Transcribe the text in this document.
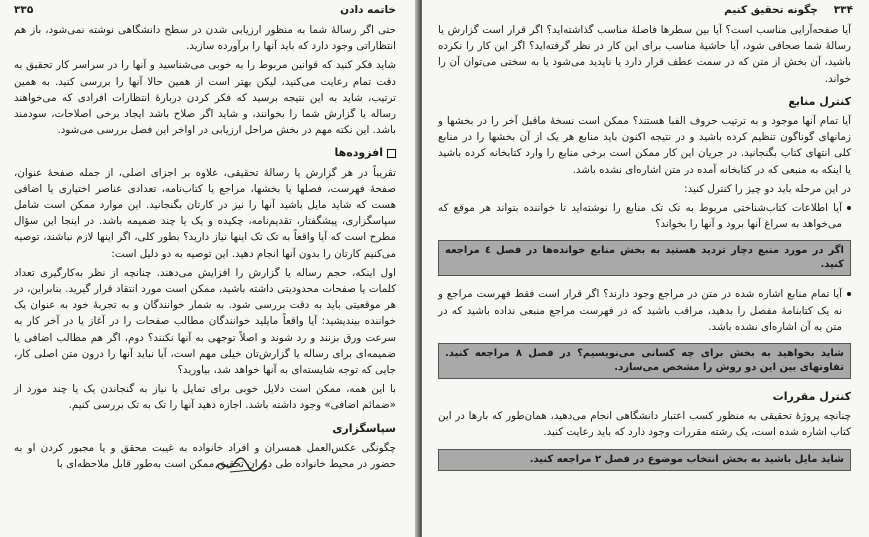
۳۳۵	خاتمه دادن

حتی اگر رسالهٔ شما به منظور ارزیابی شدن در سطح دانشگاهی نوشته نمی‌شود، باز هم انتظاراتی وجود دارد که باید آنها را برآورده سازید.

شاید فکر کنید که قوانین مربوط را به خوبی می‌شناسید و آنها را در سراسر کار تحقیق به دقت تمام رعایت می‌کنید، لیکن بهتر است از همین حالا آنها را بررسی کنید. به همین ترتیب، شاید به این نتیجه برسید که فکر کردن دربارهٔ انتظارات افرادی که می‌خواهند رساله یا گزارش شما را بخوانند، و شاید اگر صلاح باشد ایجاد برخی اصلاحات، سودمند باشد. این نکته مهم در بخش مراحل ارزیابی در اواخر این فصل بررسی می‌شود.

افزوده‌ها

تقریباً در هر گزارش یا رسالهٔ تحقیقی، علاوه بر اجزای اصلی، از جمله صفحهٔ عنوان، صفحهٔ فهرست، فصلها یا بخشها، مراجع یا کتاب‌نامه، تعدادی عناصر اختیاری یا اضافی هست که شاید مایل باشید آنها را نیز در کارتان بگنجانید. این موارد ممکن است شامل سپاسگزاری، پیشگفتار، تقدیم‌نامه، چکیده و یک یا چند ضمیمه باشد. در اینجا این سؤال مطرح است که آیا واقعاً به تک تک اینها نیاز دارید؟ بطور کلی، اگر اینها لازم نباشند، توصیه می‌کنیم کارتان را بدون آنها انجام دهید. این توصیه به دو دلیل است:

اول اینکه، حجم رساله یا گزارش را افزایش می‌دهند. چنانچه از نظر به‌کارگیری تعداد کلمات یا صفحات محدودیتی داشته باشید، ممکن است مورد انتقاد قرار گیرید. بنابراین، در هر موقعیتی باید به دقت بررسی شود. به شمار خوانندگان و به تجربهٔ خود به عنوان یک خواننده بیندیشید: آیا واقعاً مایلید خوانندگان مطالب صفحات را در آغاز یا در آخر کار به سرعت ورق بزنند و رد شوند و اصلاً توجهی به آنها نکنند؟ دوم، اگر هم مطالب اضافی یا ضمیمه‌ای برای رساله یا گزارش‌تان خیلی مهم است، آیا نباید آنها را درون متن اصلی کار، جایی که توجه شایسته‌ای به آنها خواهد شد، بیاورید؟

با این همه، ممکن است دلایل خوبی برای تمایل یا نیاز به گنجاندن یک یا چند مورد از «ضمائم اضافی» وجود داشته باشد. اجازه دهید آنها را تک به تک بررسی کنیم.

سپاسگزاری

چگونگی عکس‌العمل همسران و افراد خانواده به غیبت محقق و یا مجبور کردن او به حضور در محیط خانواده طی دوران تحقیق ممکن است به‌طور قابل ملاحظه‌ای با

۳۳۴
چگونه تحقیق کنیم

آیا صفحه‌آرایی مناسب است؟ آیا بین سطرها فاصلهٔ مناسب گذاشته‌اید؟ اگر قرار است گزارش یا رسالهٔ شما صحافی شود، آیا حاشیهٔ مناسب برای این کار در نظر گرفته‌اید؟ اگر این کار را نکرده باشید، آن بخش از متن که در سمت عطف قرار دارد یا ناپدید می‌شود یا به سختی می‌توان آن را خواند.

کنترل منابع

آیا تمام آنها موجود و به ترتیب حروف الفبا هستند؟ ممکن است نسخهٔ ماقبل آخر را در بخشها و زمانهای گوناگون تنظیم کرده باشید و در نتیجه اکنون باید منابع هر یک از آن بخشها را در منابع کلی انتهای کتاب بگنجانید. در جریان این کار ممکن است برخی منابع را وارد کتابخانه کرده باشید یا اینکه به منبعی که در کتابخانه آمده در متن اشاره‌ای نشده باشد.

در این مرحله باید دو چیز را کنترل کنید:

آیا اطلاعات کتاب‌شناختی مربوط به تک تک منابع را نوشته‌اید تا خواننده بتواند هر موقع که می‌خواهد به سراغ آنها برود و آنها را بخواند؟
اگر در مورد منبع دچار تردید هستید به بخش منابع خوانده‌ها در فصل ٤ مراجعه کنید.
آیا تمام منابع اشاره شده در متن در مراجع وجود دارند؟ اگر قرار است فقط فهرست مراجع و نه یک کتابنامهٔ مفصل را بدهید، مراقب باشید که در فهرست مراجع منبعی نداده باشید که در متن به آن اشاره‌ای نشده باشد.
شاید بخواهید به بخش برای چه کسانی می‌نویسیم؟ در فصل ٨ مراجعه کنید. تفاوتهای بین این دو روش را مشخص می‌سازد.
کنترل مقررات

چنانچه پروژهٔ تحقیقی به منظور کسب اعتبار دانشگاهی انجام می‌دهید، همان‌طور که بارها در این کتاب اشاره شده است، یک رشته مقررات وجود دارد که باید رعایت کنید.

شاید مایل باشید به بخش انتخاب موضوع در فصل ۲ مراجعه کنید.
